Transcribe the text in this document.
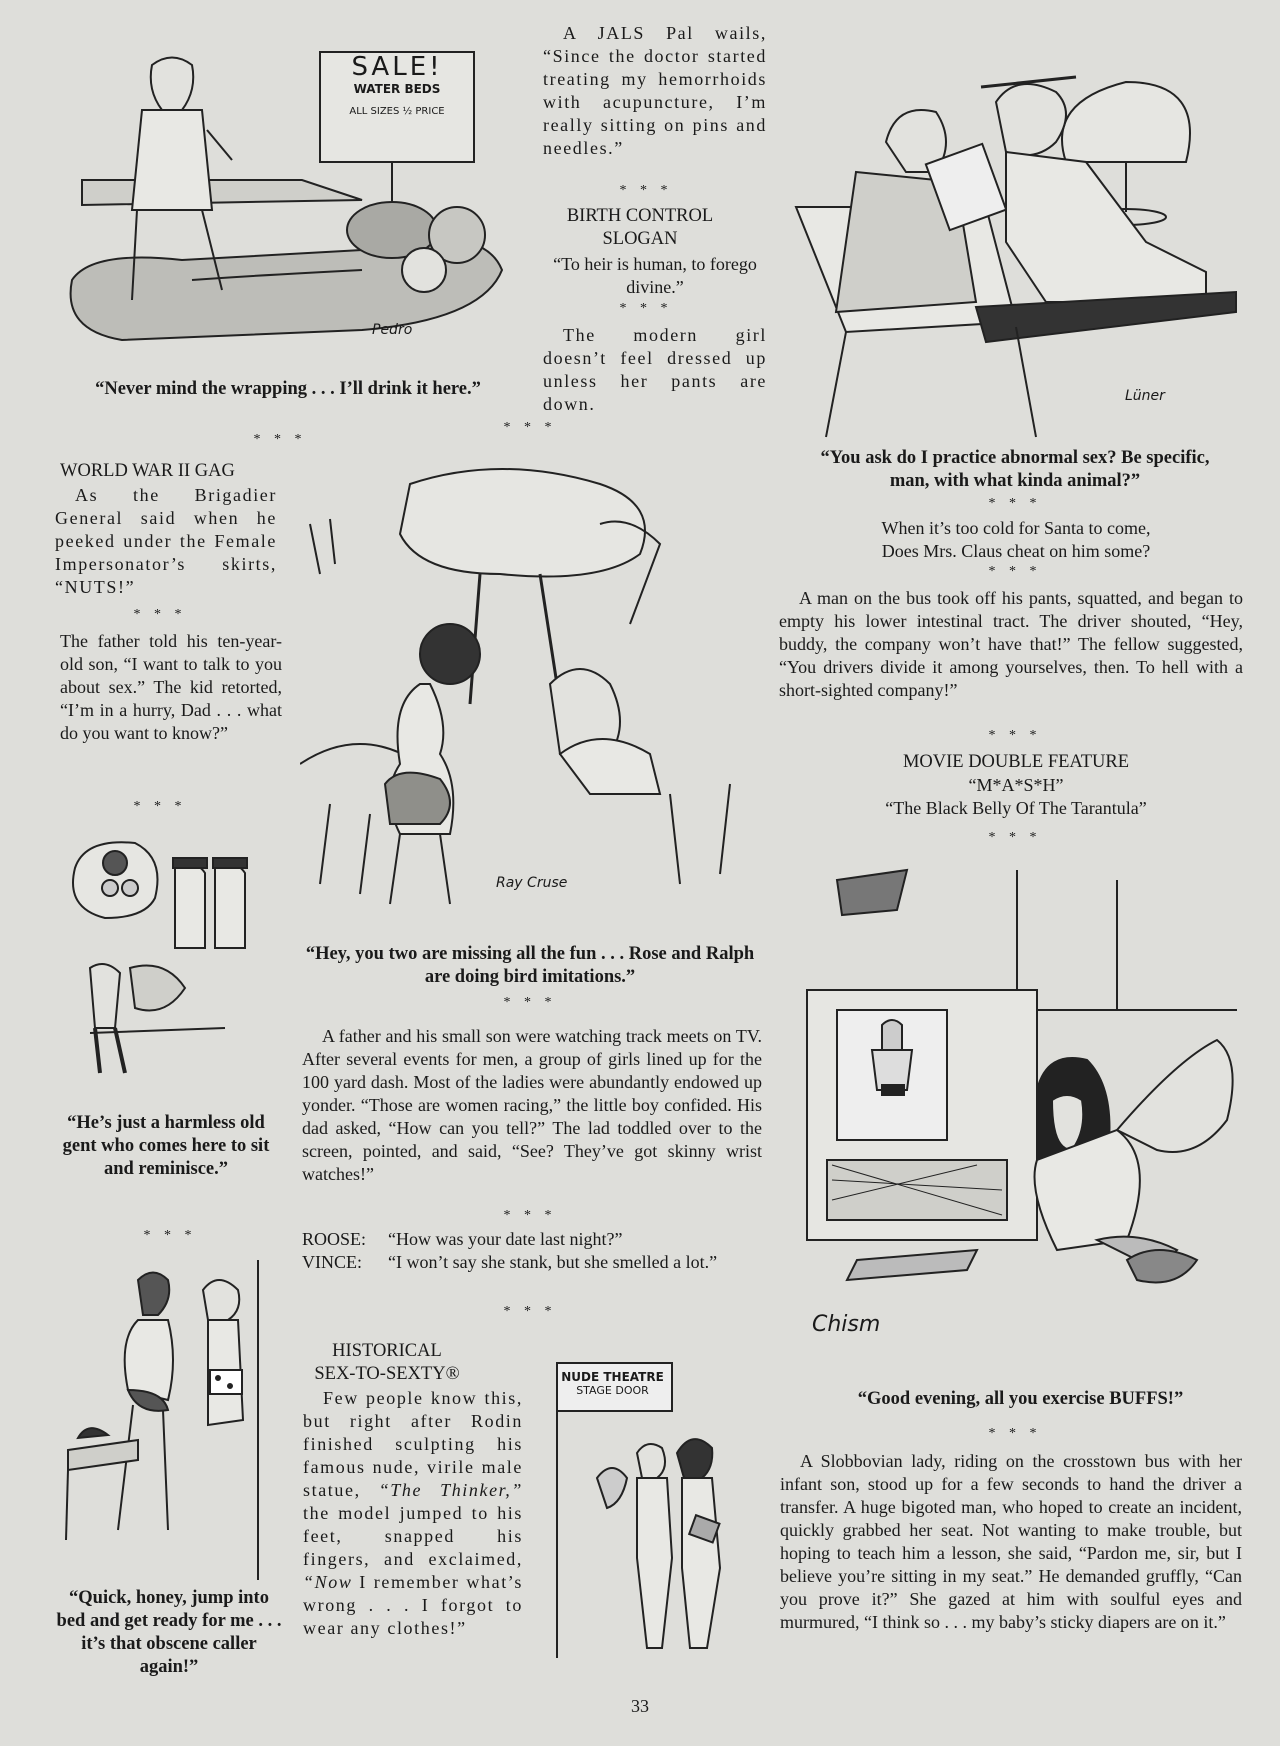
Pedro
SALE!
WATER BEDS
ALL SIZES ½ PRICE
“Never mind the wrapping . . . I’ll drink it here.”
* * *
A JALS Pal wails, “Since the doctor started treating my hemorrhoids with acupuncture, I’m really sitting on pins and needles.”
* * *
BIRTH CONTROL SLOGAN
“To heir is human, to forego divine.”
* * *
The modern girl doesn’t feel dressed up unless her pants are down.
* * *
Lüner
“You ask do I practice abnormal sex? Be specific, man, with what kinda animal?”
* * *
When it’s too cold for Santa to come,
Does Mrs. Claus cheat on him some?
* * *
A man on the bus took off his pants, squatted, and began to empty his lower intestinal tract. The driver shouted, “Hey, buddy, the company won’t have that!” The fellow suggested, “You drivers divide it among yourselves, then. To hell with a short-sighted company!”
* * *
MOVIE DOUBLE FEATURE
“M*A*S*H”
“The Black Belly Of The Tarantula”
* * *
WORLD WAR II GAG
As the Brigadier General said when he peeked under the Female Impersonator’s skirts, “NUTS!”
* * *
The father told his ten-year-old son, “I want to talk to you about sex.” The kid retorted, “I’m in a hurry, Dad . . . what do you want to know?”
* * *
Ray Cruse
“Hey, you two are missing all the fun . . . Rose and Ralph are doing bird imitations.”
* * *
A father and his small son were watching track meets on TV. After several events for men, a group of girls lined up for the 100 yard dash. Most of the ladies were abundantly endowed up yonder. “Those are women racing,” the little boy confided. His dad asked, “How can you tell?” The lad toddled over to the screen, pointed, and said, “See? They’ve got skinny wrist watches!”
* * *
ROOSE:	“How was your date last night?”
VINCE:	“I won’t say she stank, but she smelled a lot.”
* * *
“He’s just a harmless old gent who comes here to sit and reminisce.”
* * *
“Quick, honey, jump into bed and get ready for me . . . it’s that obscene caller again!”
HISTORICAL
SEX-TO-SEXTY®
Few people know this, but right after Rodin finished sculpting his famous nude, virile male statue, “The Thinker,” the model jumped to his feet, snapped his fingers, and exclaimed, “Now I remember what’s wrong . . . I forgot to wear any clothes!”
NUDE THEATRE
STAGE DOOR
Chism
“Good evening, all you exercise BUFFS!”
* * *
A Slobbovian lady, riding on the crosstown bus with her infant son, stood up for a few seconds to hand the driver a transfer. A huge bigoted man, who hoped to create an incident, quickly grabbed her seat. Not wanting to make trouble, but hoping to teach him a lesson, she said, “Pardon me, sir, but I believe you’re sitting in my seat.” He demanded gruffly, “Can you prove it?” She gazed at him with soulful eyes and murmured, “I think so . . . my baby’s sticky diapers are on it.”
33
